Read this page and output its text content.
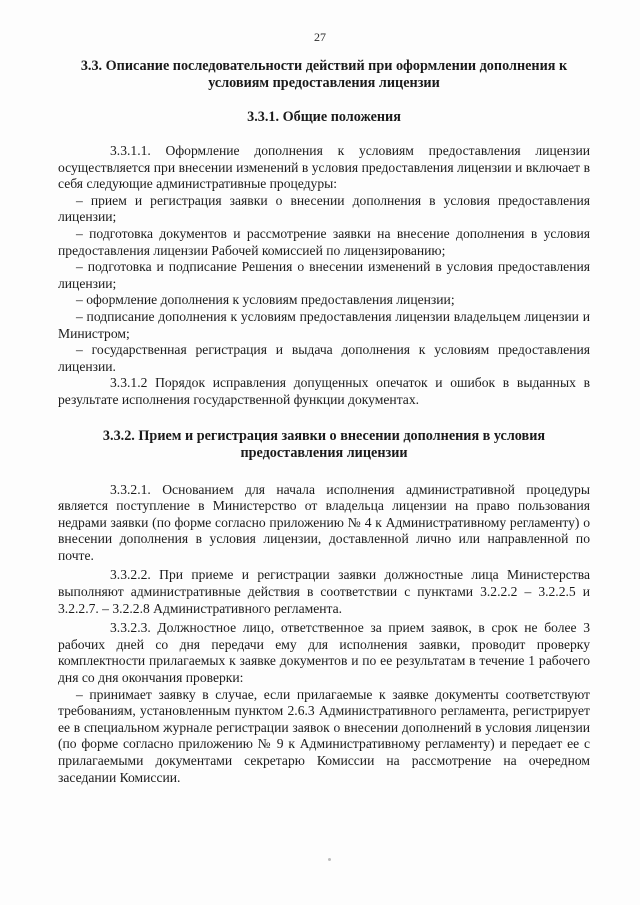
27
3.3. Описание последовательности действий при оформлении дополнения к условиям предоставления лицензии
3.3.1. Общие положения

3.3.1.1. Оформление дополнения к условиям предоставления лицензии осуществляется при внесении изменений в условия предоставления лицензии и включает в себя следующие административные процедуры:

– прием и регистрация заявки о внесении дополнения в условия предоставления лицензии;

– подготовка документов и рассмотрение заявки на внесение дополнения в условия предоставления лицензии Рабочей комиссией по лицензированию;

– подготовка и подписание Решения о внесении изменений в условия предоставления лицензии;

– оформление дополнения к условиям предоставления лицензии;

– подписание дополнения к условиям предоставления лицензии владельцем лицензии и Министром;

– государственная регистрация и выдача дополнения к условиям предоставления лицензии.

3.3.1.2 Порядок исправления допущенных опечаток и ошибок в выданных в результате исполнения государственной функции документах.

3.3.2. Прием и регистрация заявки о внесении дополнения в условия предоставления лицензии

3.3.2.1. Основанием для начала исполнения административной процедуры является поступление в Министерство от владельца лицензии на право пользования недрами заявки (по форме согласно приложению № 4 к Административному регламенту) о внесении дополнения в условия лицензии, доставленной лично или направленной по почте.

3.3.2.2. При приеме и регистрации заявки должностные лица Министерства выполняют административные действия в соответствии с пунктами 3.2.2.2 – 3.2.2.5 и 3.2.2.7. – 3.2.2.8 Административного регламента.

3.3.2.3. Должностное лицо, ответственное за прием заявок, в срок не более 3 рабочих дней со дня передачи ему для исполнения заявки, проводит проверку комплектности прилагаемых к заявке документов и по ее результатам в течение 1 рабочего дня со дня окончания проверки:

– принимает заявку в случае, если прилагаемые к заявке документы соответствуют требованиям, установленным пунктом 2.6.3 Административного регламента, регистрирует ее в специальном журнале регистрации заявок о внесении дополнений в условия лицензии (по форме согласно приложению № 9 к Административному регламенту) и передает ее с прилагаемыми документами секретарю Комиссии на рассмотрение на очередном заседании Комиссии.
